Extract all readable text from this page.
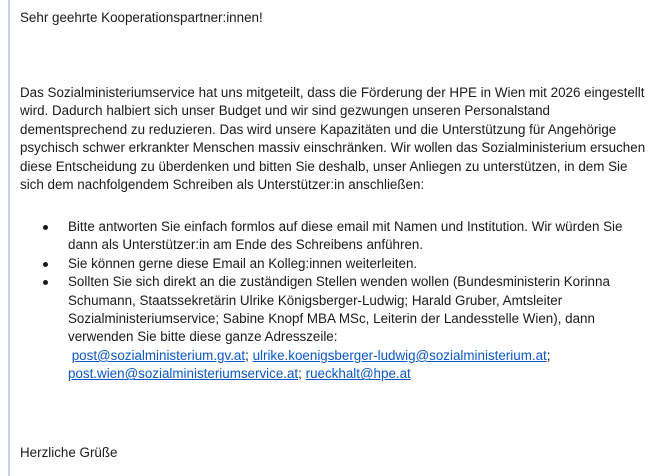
Sehr geehrte Kooperationspartner:innen!
Das Sozialministeriumservice hat uns mitgeteilt, dass die Förderung der HPE in Wien mit 2026 eingestellt
wird. Dadurch halbiert sich unser Budget und wir sind gezwungen unseren Personalstand
dementsprechend zu reduzieren. Das wird unsere Kapazitäten und die Unterstützung für Angehörige
psychisch schwer erkrankter Menschen massiv einschränken. Wir wollen das Sozialministerium ersuchen
diese Entscheidung zu überdenken und bitten Sie deshalb, unser Anliegen zu unterstützen, in dem Sie
sich dem nachfolgendem Schreiben als Unterstützer:in anschließen:
Bitte antworten Sie einfach formlos auf diese email mit Namen und Institution. Wir würden Sie
dann als Unterstützer:in am Ende des Schreibens anführen.
Sie können gerne diese Email an Kolleg:innen weiterleiten.
Sollten Sie sich direkt an die zuständigen Stellen wenden wollen (Bundesministerin Korinna
Schumann, Staatssekretärin Ulrike Königsberger-Ludwig; Harald Gruber, Amtsleiter
Sozialministeriumservice; Sabine Knopf MBA MSc, Leiterin der Landesstelle Wien), dann
verwenden Sie bitte diese ganze Adresszeile:
post@sozialministerium.gv.at; ulrike.koenigsberger-ludwig@sozialministerium.at;
post.wien@sozialministeriumservice.at; rueckhalt@hpe.at
Herzliche Grüße
